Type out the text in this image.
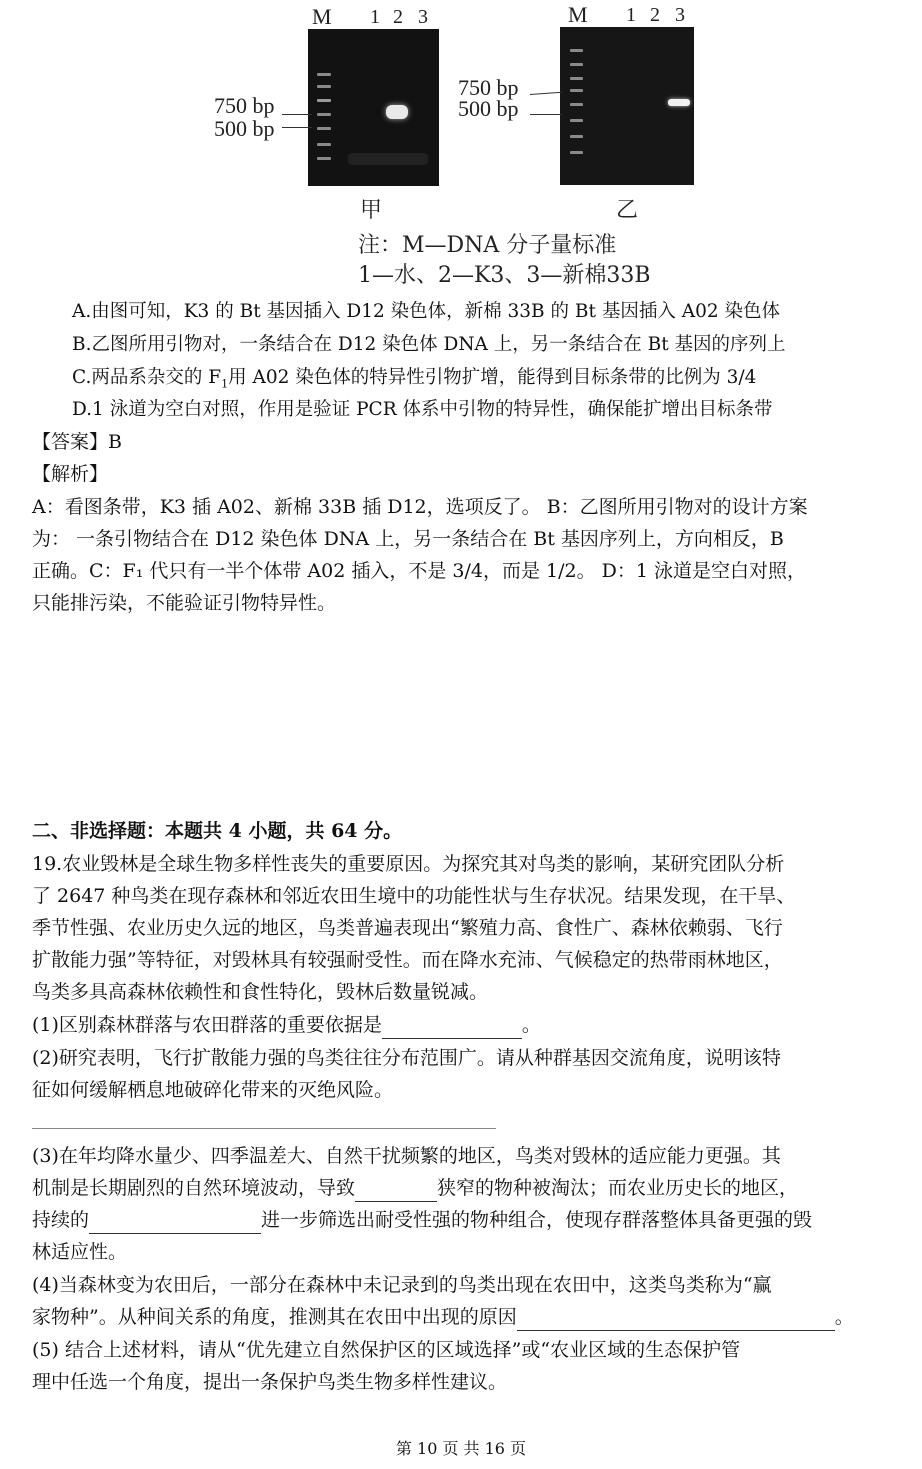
M 1 2 3
750 bp
500 bp
甲
M 1 2 3
750 bp
500 bp
乙
注：M—DNA 分子量标准
1—水、2—K3、3—新棉33B
A.由图可知，K3 的 Bt 基因插入 D12 染色体，新棉 33B 的 Bt 基因插入 A02 染色体
B.乙图所用引物对，一条结合在 D12 染色体 DNA 上，另一条结合在 Bt 基因的序列上
C.两品系杂交的 $F_1$用 A02 染色体的特异性引物扩增，能得到目标条带的比例为 3/4
D.1 泳道为空白对照，作用是验证 PCR 体系中引物的特异性，确保能扩增出目标条带
【答案】B
【解析】
A：看图条带，K3 插 A02、新棉 33B 插 D12，选项反了。 B：乙图所用引物对的设计方案
为： 一条引物结合在 D12 染色体 DNA 上，另一条结合在 Bt 基因序列上，方向相反，B
正确。C：F₁ 代只有一半个体带 A02 插入，不是 3/4，而是 1/2。 D：1 泳道是空白对照，
只能排污染，不能验证引物特异性。
二、非选择题：本题共 4 小题，共 64 分。
19.农业毁林是全球生物多样性丧失的重要原因。为探究其对鸟类的影响，某研究团队分析
了 2647 种鸟类在现存森林和邻近农田生境中的功能性状与生存状况。结果发现，在干旱、
季节性强、农业历史久远的地区，鸟类普遍表现出“繁殖力高、食性广、森林依赖弱、飞行
扩散能力强”等特征，对毁林具有较强耐受性。而在降水充沛、气候稳定的热带雨林地区，
鸟类多具高森林依赖性和食性特化，毁林后数量锐减。
(1)区别森林群落与农田群落的重要依据是	。
(2)研究表明，飞行扩散能力强的鸟类往往分布范围广。请从种群基因交流角度，说明该特
征如何缓解栖息地破碎化带来的灭绝风险。
(3)在年均降水量少、四季温差大、自然干扰频繁的地区，鸟类对毁林的适应能力更强。其
机制是长期剧烈的自然环境波动，导致	狭窄的物种被淘汰；而农业历史长的地区，
持续的	进一步筛选出耐受性强的物种组合，使现存群落整体具备更强的毁
林适应性。
(4)当森林变为农田后，一部分在森林中未记录到的鸟类出现在农田中，这类鸟类称为“赢
家物种”。从种间关系的角度，推测其在农田中出现的原因	。
(5) 结合上述材料，请从“优先建立自然保护区的区域选择”或“农业区域的生态保护管
理中任选一个角度，提出一条保护鸟类生物多样性建议。
第 10 页 共 16 页
